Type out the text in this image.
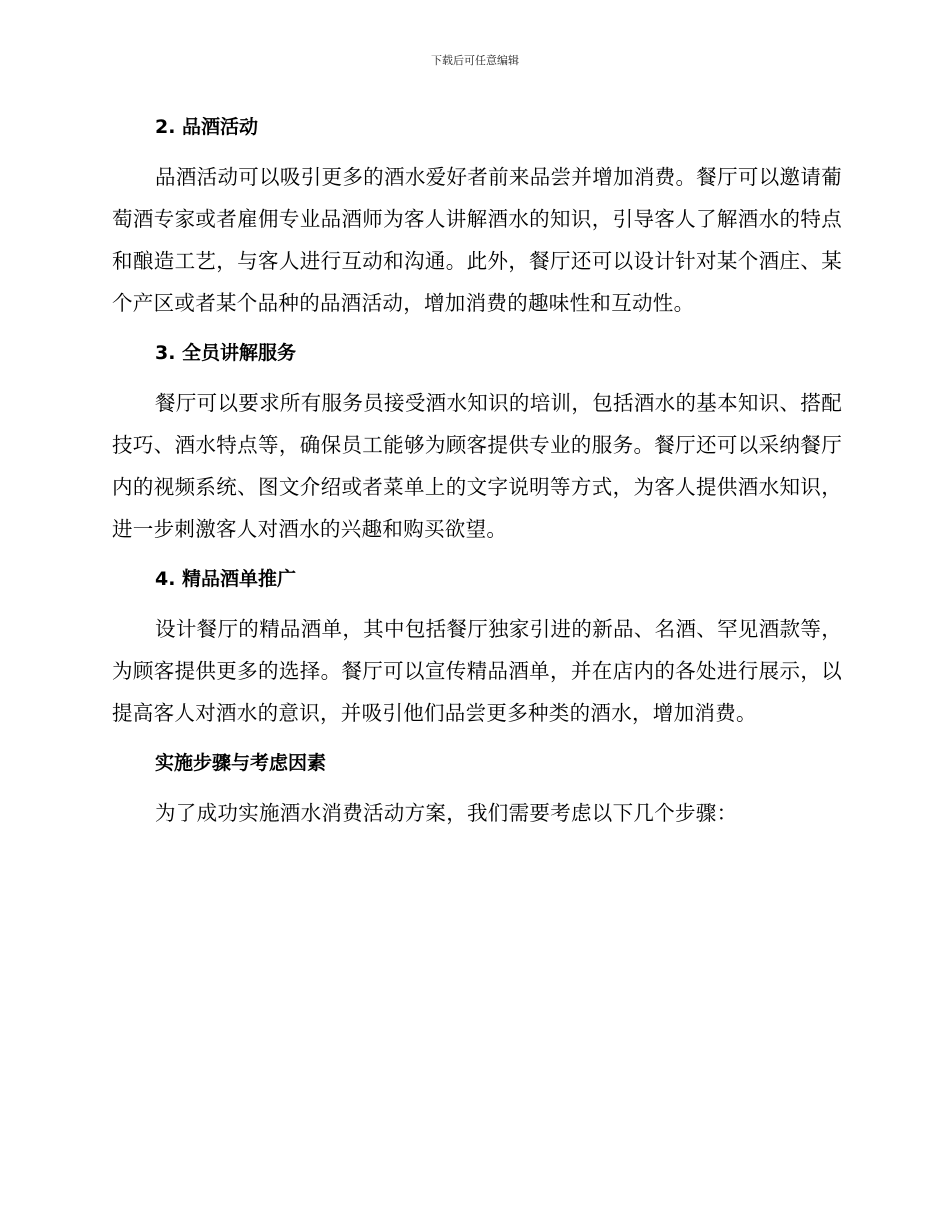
下载后可任意编辑
2. 品酒活动

品酒活动可以吸引更多的酒水爱好者前来品尝并增加消费。餐厅可以邀请葡萄酒专家或者雇佣专业品酒师为客人讲解酒水的知识，引导客人了解酒水的特点和酿造工艺，与客人进行互动和沟通。此外，餐厅还可以设计针对某个酒庄、某个产区或者某个品种的品酒活动，增加消费的趣味性和互动性。

3. 全员讲解服务

餐厅可以要求所有服务员接受酒水知识的培训，包括酒水的基本知识、搭配技巧、酒水特点等，确保员工能够为顾客提供专业的服务。餐厅还可以采纳餐厅内的视频系统、图文介绍或者菜单上的文字说明等方式，为客人提供酒水知识，进一步刺激客人对酒水的兴趣和购买欲望。

4. 精品酒单推广

设计餐厅的精品酒单，其中包括餐厅独家引进的新品、名酒、罕见酒款等，为顾客提供更多的选择。餐厅可以宣传精品酒单，并在店内的各处进行展示，以提高客人对酒水的意识，并吸引他们品尝更多种类的酒水，增加消费。

实施步骤与考虑因素

为了成功实施酒水消费活动方案，我们需要考虑以下几个步骤：
